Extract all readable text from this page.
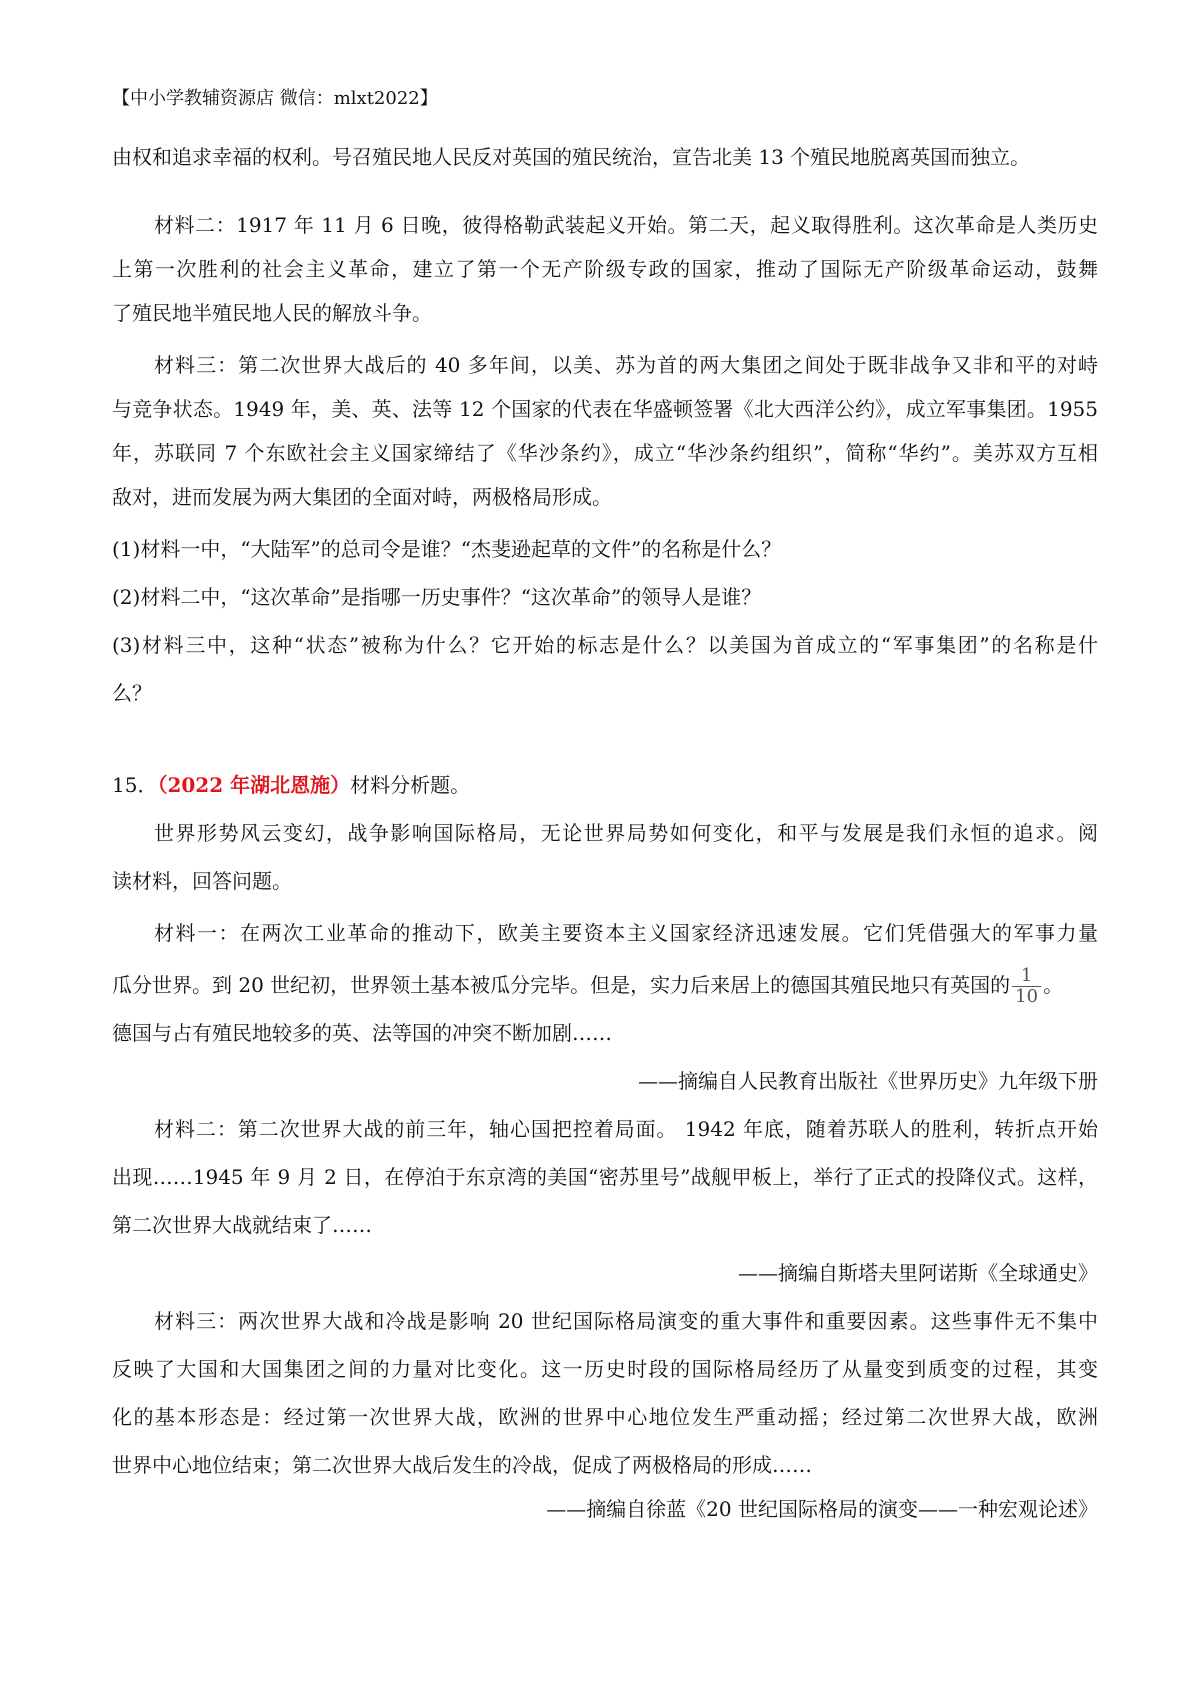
【中小学教辅资源店 微信：mlxt2022】
由权和追求幸福的权利。号召殖民地人民反对英国的殖民统治，宣告北美 13 个殖民地脱离英国而独立。
材料二：1917 年 11 月 6 日晚，彼得格勒武装起义开始。第二天，起义取得胜利。这次革命是人类历史
上第一次胜利的社会主义革命，建立了第一个无产阶级专政的国家，推动了国际无产阶级革命运动，鼓舞
了殖民地半殖民地人民的解放斗争。
材料三：第二次世界大战后的 40 多年间，以美、苏为首的两大集团之间处于既非战争又非和平的对峙
与竞争状态。1949 年，美、英、法等 12 个国家的代表在华盛顿签署《北大西洋公约》，成立军事集团。1955
年，苏联同 7 个东欧社会主义国家缔结了《华沙条约》，成立“华沙条约组织”，简称“华约”。美苏双方互相
敌对，进而发展为两大集团的全面对峙，两极格局形成。
(1)材料一中，“大陆军”的总司令是谁？“杰斐逊起草的文件”的名称是什么？
(2)材料二中，“这次革命”是指哪一历史事件？“这次革命”的领导人是谁？
(3)材料三中，这种“状态”被称为什么？它开始的标志是什么？以美国为首成立的“军事集团”的名称是什
么？
15．（2022 年湖北恩施）材料分析题。
世界形势风云变幻，战争影响国际格局，无论世界局势如何变化，和平与发展是我们永恒的追求。阅
读材料，回答问题。
材料一：在两次工业革命的推动下，欧美主要资本主义国家经济迅速发展。它们凭借强大的军事力量
瓜分世界。到 20 世纪初，世界领土基本被瓜分完毕。但是，实力后来居上的德国其殖民地只有英国的 $\frac{1}{10}$ 。
德国与占有殖民地较多的英、法等国的冲突不断加剧……
——摘编自人民教育出版社《世界历史》九年级下册
材料二：第二次世界大战的前三年，轴心国把控着局面。 1942 年底，随着苏联人的胜利，转折点开始
出现……1945 年 9 月 2 日，在停泊于东京湾的美国“密苏里号”战舰甲板上，举行了正式的投降仪式。这样，
第二次世界大战就结束了……
——摘编自斯塔夫里阿诺斯《全球通史》
材料三：两次世界大战和冷战是影响 20 世纪国际格局演变的重大事件和重要因素。这些事件无不集中
反映了大国和大国集团之间的力量对比变化。这一历史时段的国际格局经历了从量变到质变的过程，其变
化的基本形态是：经过第一次世界大战，欧洲的世界中心地位发生严重动摇；经过第二次世界大战，欧洲
世界中心地位结束；第二次世界大战后发生的冷战，促成了两极格局的形成……
——摘编自徐蓝《20 世纪国际格局的演变——一种宏观论述》
